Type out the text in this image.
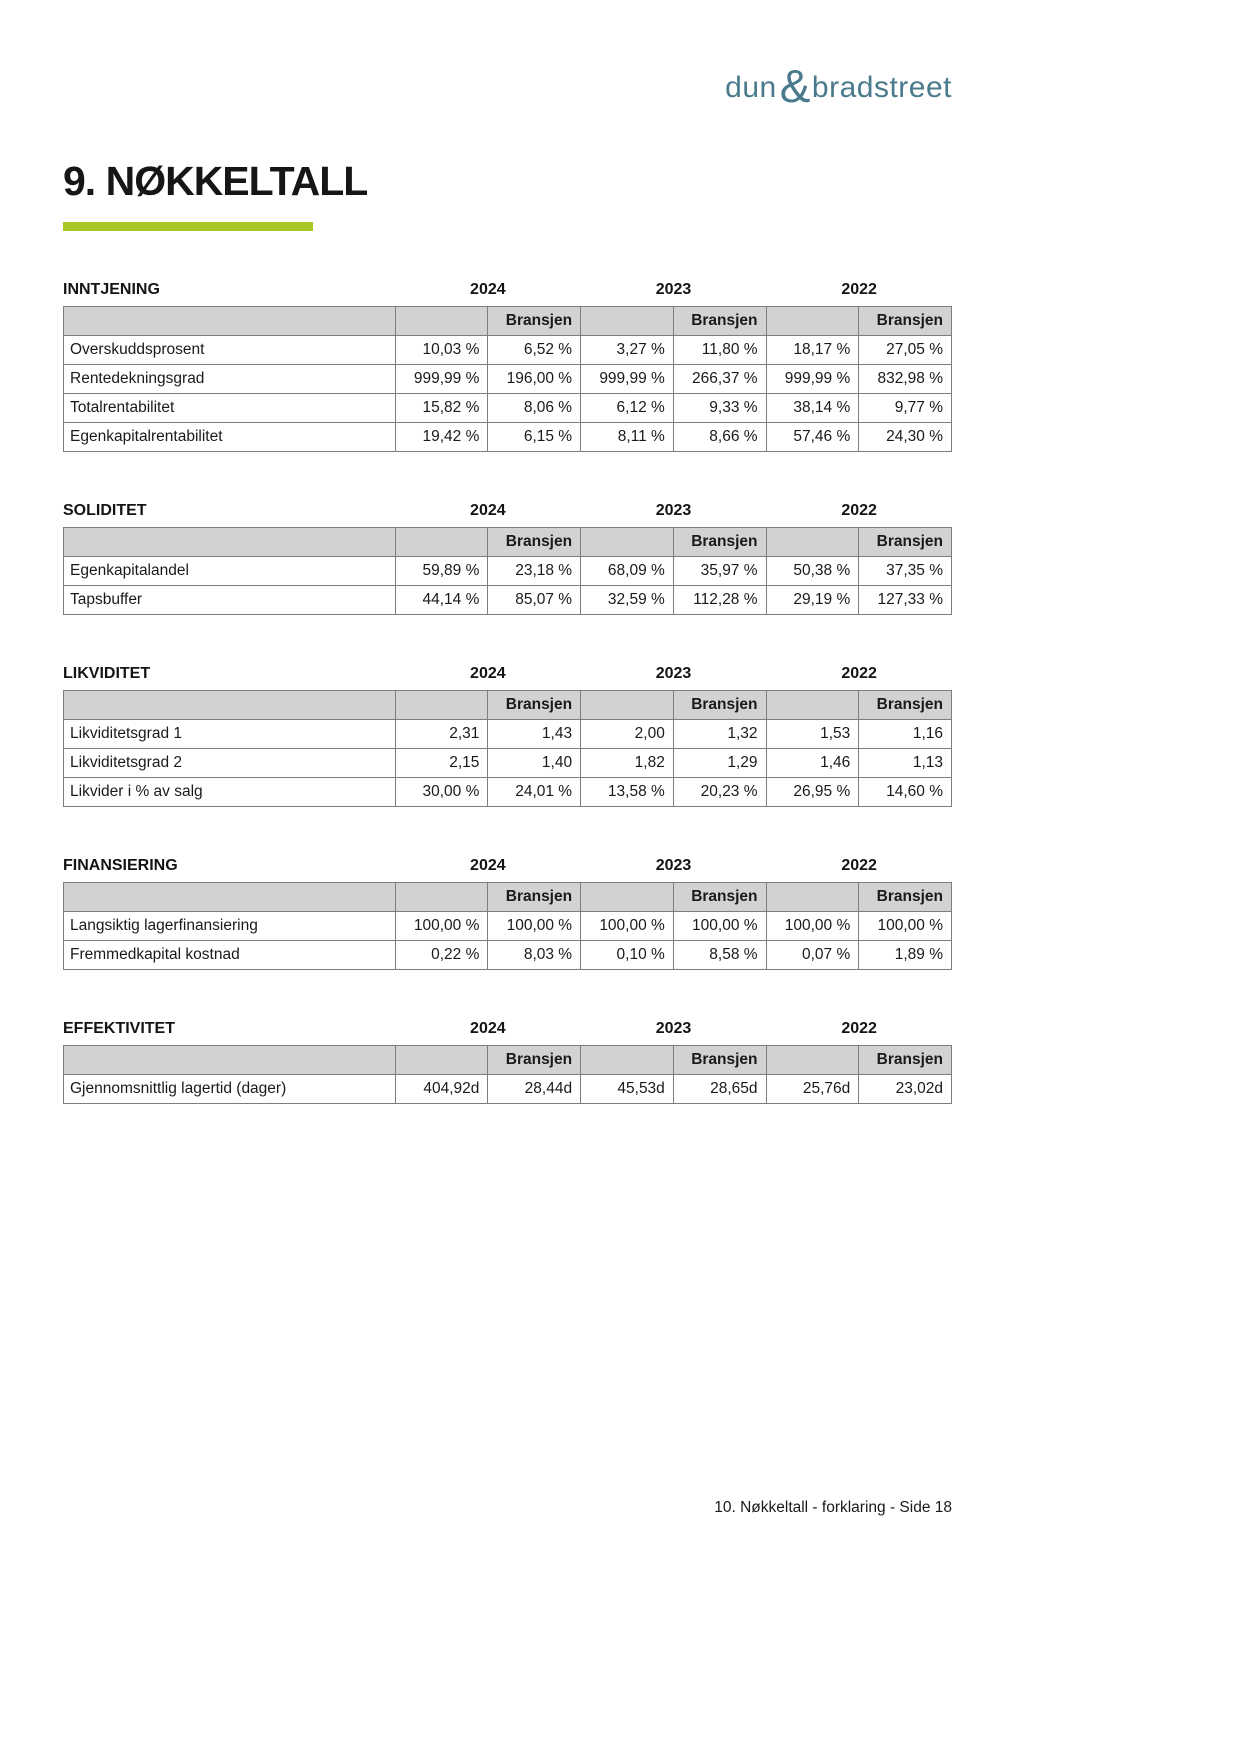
dun & bradstreet
9. NØKKELTALL
INNTJENING	2024	2023	2022
		Bransjen		Bransjen		Bransjen
Overskuddsprosent	10,03 %	6,52 %	3,27 %	11,80 %	18,17 %	27,05 %
Rentedekningsgrad	999,99 %	196,00 %	999,99 %	266,37 %	999,99 %	832,98 %
Totalrentabilitet	15,82 %	8,06 %	6,12 %	9,33 %	38,14 %	9,77 %
Egenkapitalrentabilitet	19,42 %	6,15 %	8,11 %	8,66 %	57,46 %	24,30 %
SOLIDITET	2024	2023	2022
		Bransjen		Bransjen		Bransjen
Egenkapitalandel	59,89 %	23,18 %	68,09 %	35,97 %	50,38 %	37,35 %
Tapsbuffer	44,14 %	85,07 %	32,59 %	112,28 %	29,19 %	127,33 %
LIKVIDITET	2024	2023	2022
		Bransjen		Bransjen		Bransjen
Likviditetsgrad 1	2,31	1,43	2,00	1,32	1,53	1,16
Likviditetsgrad 2	2,15	1,40	1,82	1,29	1,46	1,13
Likvider i % av salg	30,00 %	24,01 %	13,58 %	20,23 %	26,95 %	14,60 %
FINANSIERING	2024	2023	2022
		Bransjen		Bransjen		Bransjen
Langsiktig lagerfinansiering	100,00 %	100,00 %	100,00 %	100,00 %	100,00 %	100,00 %
Fremmedkapital kostnad	0,22 %	8,03 %	0,10 %	8,58 %	0,07 %	1,89 %
EFFEKTIVITET	2024	2023	2022
		Bransjen		Bransjen		Bransjen
Gjennomsnittlig lagertid (dager)	404,92d	28,44d	45,53d	28,65d	25,76d	23,02d
10. Nøkkeltall - forklaring - Side 18
